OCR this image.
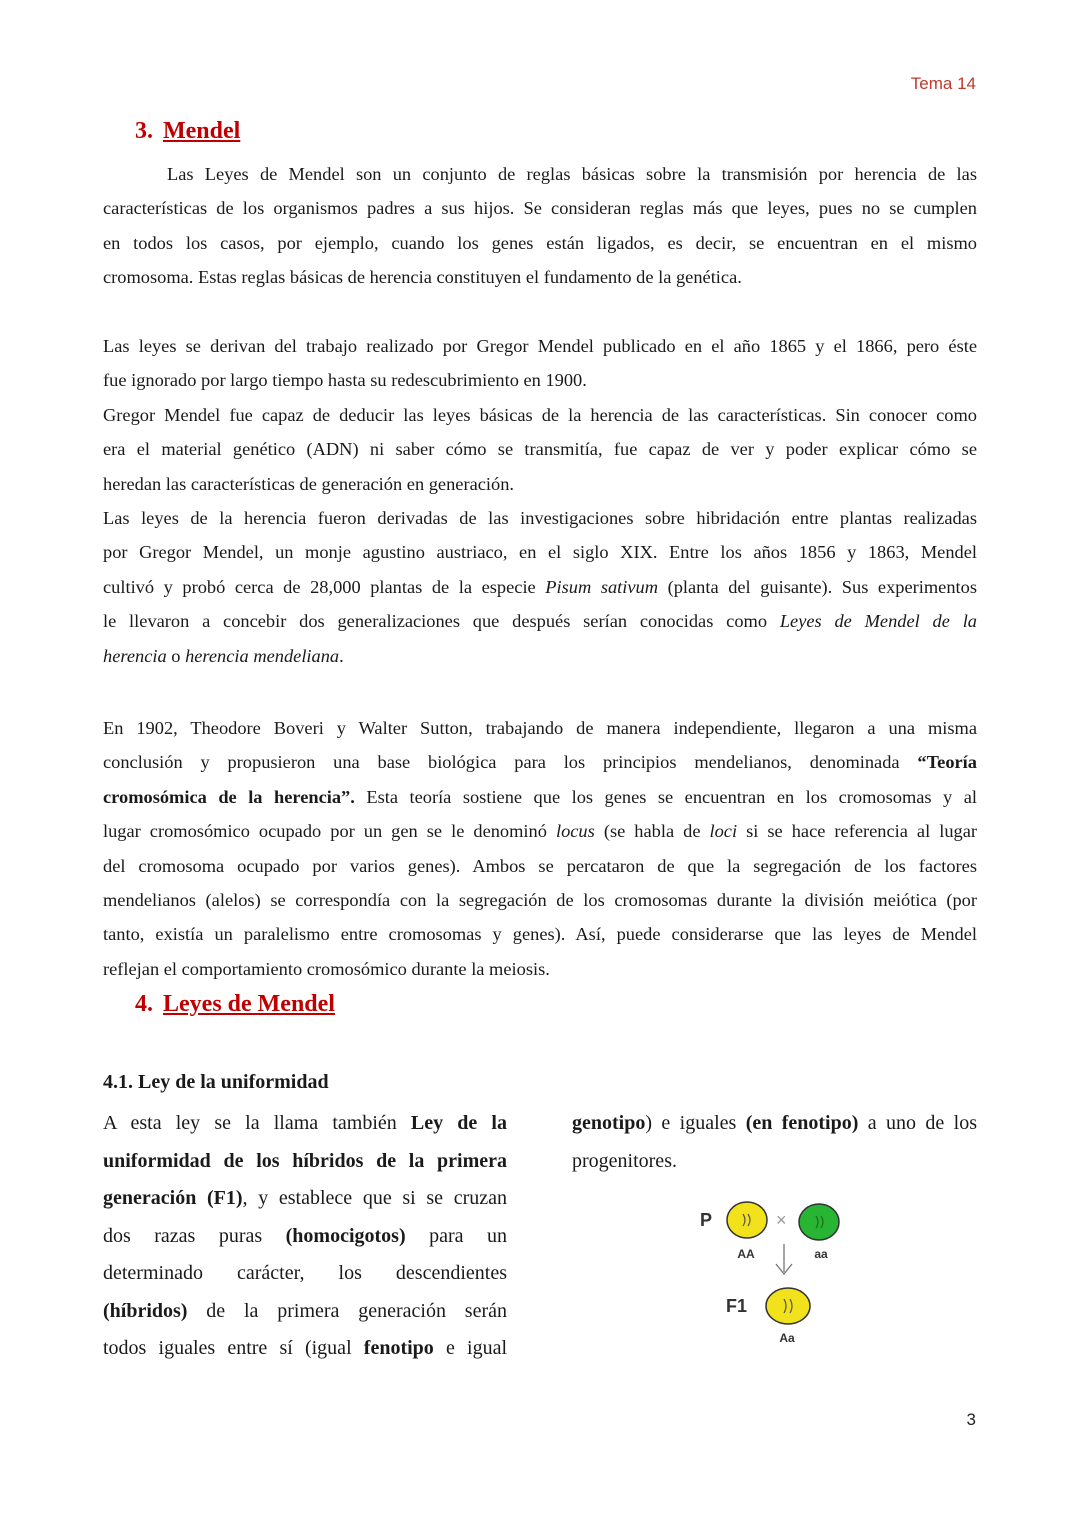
Tema 14
3. Mendel
Las Leyes de Mendel son un conjunto de reglas básicas sobre la transmisión por herencia de las
características de los organismos padres a sus hijos. Se consideran reglas más que leyes, pues no se cumplen
en todos los casos, por ejemplo, cuando los genes están ligados, es decir, se encuentran en el mismo
cromosoma. Estas reglas básicas de herencia constituyen el fundamento de la genética.
Las leyes se derivan del trabajo realizado por Gregor Mendel publicado en el año 1865 y el 1866, pero éste
fue ignorado por largo tiempo hasta su redescubrimiento en 1900.
Gregor Mendel fue capaz de deducir las leyes básicas de la herencia de las características. Sin conocer como
era el material genético (ADN) ni saber cómo se transmitía, fue capaz de ver y poder explicar cómo se
heredan las características de generación en generación.
Las leyes de la herencia fueron derivadas de las investigaciones sobre hibridación entre plantas realizadas
por Gregor Mendel, un monje agustino austriaco, en el siglo XIX. Entre los años 1856 y 1863, Mendel
cultivó y probó cerca de 28,000 plantas de la especie Pisum sativum (planta del guisante). Sus experimentos
le llevaron a concebir dos generalizaciones que después serían conocidas como Leyes de Mendel de la
herencia o herencia mendeliana.
En 1902, Theodore Boveri y Walter Sutton, trabajando de manera independiente, llegaron a una misma
conclusión y propusieron una base biológica para los principios mendelianos, denominada “Teoría
cromosómica de la herencia”. Esta teoría sostiene que los genes se encuentran en los cromosomas y al
lugar cromosómico ocupado por un gen se le denominó locus (se habla de loci si se hace referencia al lugar
del cromosoma ocupado por varios genes). Ambos se percataron de que la segregación de los factores
mendelianos (alelos) se correspondía con la segregación de los cromosomas durante la división meiótica (por
tanto, existía un paralelismo entre cromosomas y genes). Así, puede considerarse que las leyes de Mendel
reflejan el comportamiento cromosómico durante la meiosis.
4. Leyes de Mendel
4.1. Ley de la uniformidad
A esta ley se la llama también Ley de la
uniformidad de los híbridos de la primera
generación (F1), y establece que si se cruzan
dos razas puras (homocigotos) para un
determinado carácter, los descendientes
(híbridos) de la primera generación serán
todos iguales entre sí (igual fenotipo e igual
genotipo) e iguales (en fenotipo) a uno de los
progenitores.
P	×
AA	aa
F1
Aa
3
